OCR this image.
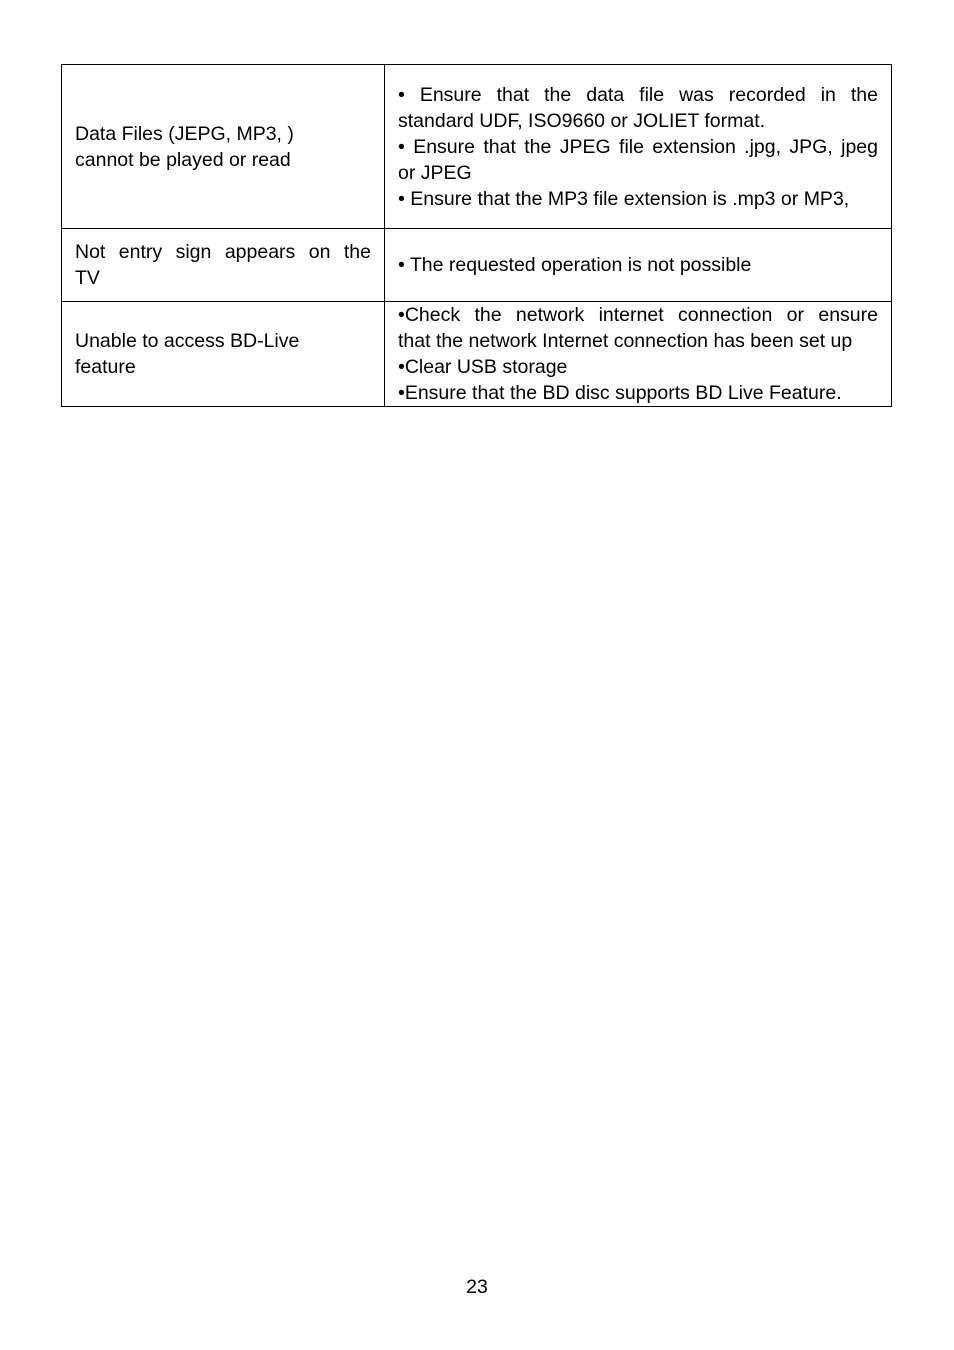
Data Files (JEPG, MP3, )
cannot be played or read	• Ensure that the data file was recorded in the
standard UDF, ISO9660 or JOLIET format.
• Ensure that the JPEG file extension .jpg, JPG, jpeg
or JPEG
• Ensure that the MP3 file extension is .mp3 or MP3,

Not entry sign appears on the
TV	• The requested operation is not possible

Unable to access BD-Live
feature	•Check the network internet connection or ensure
that the network Internet connection has been set up
•Clear USB storage
•Ensure that the BD disc supports BD Live Feature.
23
